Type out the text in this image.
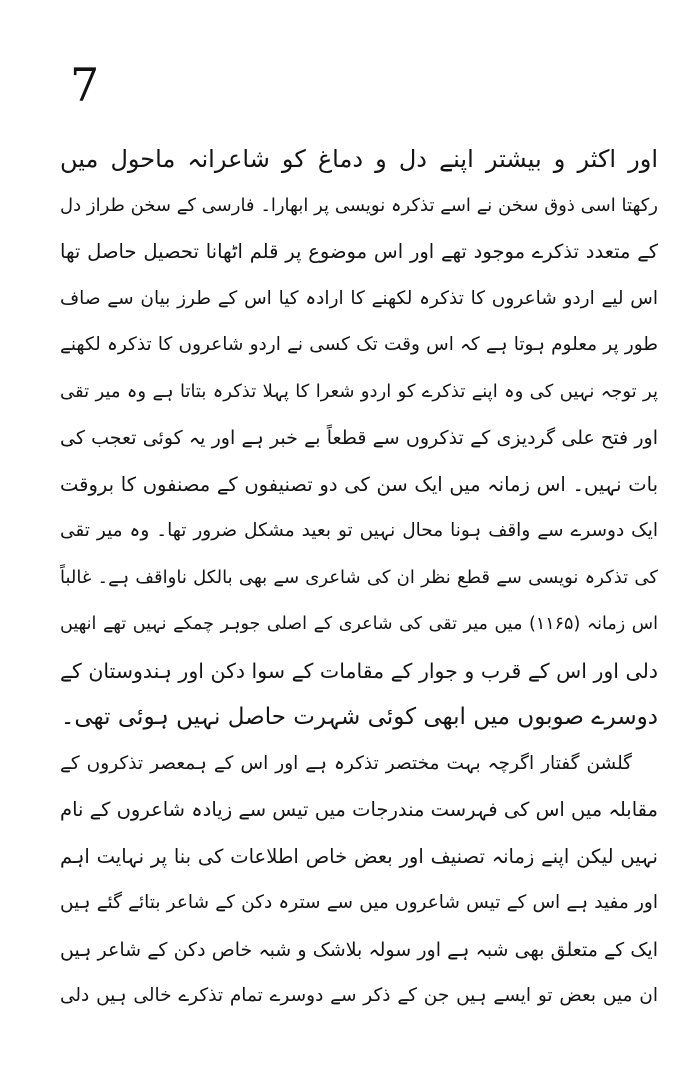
7
اور اکثر و بیشتر اپنے دل و دماغ کو شاعرانہ ماحول میں
رکھتا اسی ذوق سخن نے اسے تذکرہ نویسی پر ابھارا۔ فارسی کے سخن طراز دل
کے متعدد تذکرے موجود تھے اور اس موضوع پر قلم اٹھانا تحصیل حاصل تھا
اس لیے اردو شاعروں کا تذکرہ لکھنے کا ارادہ کیا اس کے طرز بیان سے صاف
طور پر معلوم ہوتا ہے کہ اس وقت تک کسی نے اردو شاعروں کا تذکرہ لکھنے
پر توجہ نہیں کی وہ اپنے تذکرے کو اردو شعرا کا پہلا تذکرہ بتاتا ہے وہ میر تقی
اور فتح علی گردیزی کے تذکروں سے قطعاً بے خبر ہے اور یہ کوئی تعجب کی
بات نہیں۔ اس زمانہ میں ایک سن کی دو تصنیفوں کے مصنفوں کا بروقت
ایک دوسرے سے واقف ہونا محال نہیں تو بعید مشکل ضرور تھا۔ وہ میر تقی
کی تذکرہ نویسی سے قطع نظر ان کی شاعری سے بھی بالکل ناواقف ہے۔ غالباً
اس زمانہ (۱۱۶۵) میں میر تقی کی شاعری کے اصلی جوہر چمکے نہیں تھے انھیں
دلی اور اس کے قرب و جوار کے مقامات کے سوا دکن اور ہندوستان کے
دوسرے صوبوں میں ابھی کوئی شہرت حاصل نہیں ہوئی تھی۔
گلشن گفتار اگرچہ بہت مختصر تذکرہ ہے اور اس کے ہمعصر تذکروں کے
مقابلہ میں اس کی فہرست مندرجات میں تیس سے زیادہ شاعروں کے نام
نہیں لیکن اپنے زمانہ تصنیف اور بعض خاص اطلاعات کی بنا پر نہایت اہم
اور مفید ہے اس کے تیس شاعروں میں سے سترہ دکن کے شاعر بتائے گئے ہیں
ایک کے متعلق بھی شبہ ہے اور سولہ بلاشک و شبہ خاص دکن کے شاعر ہیں
ان میں بعض تو ایسے ہیں جن کے ذکر سے دوسرے تمام تذکرے خالی ہیں دلی
